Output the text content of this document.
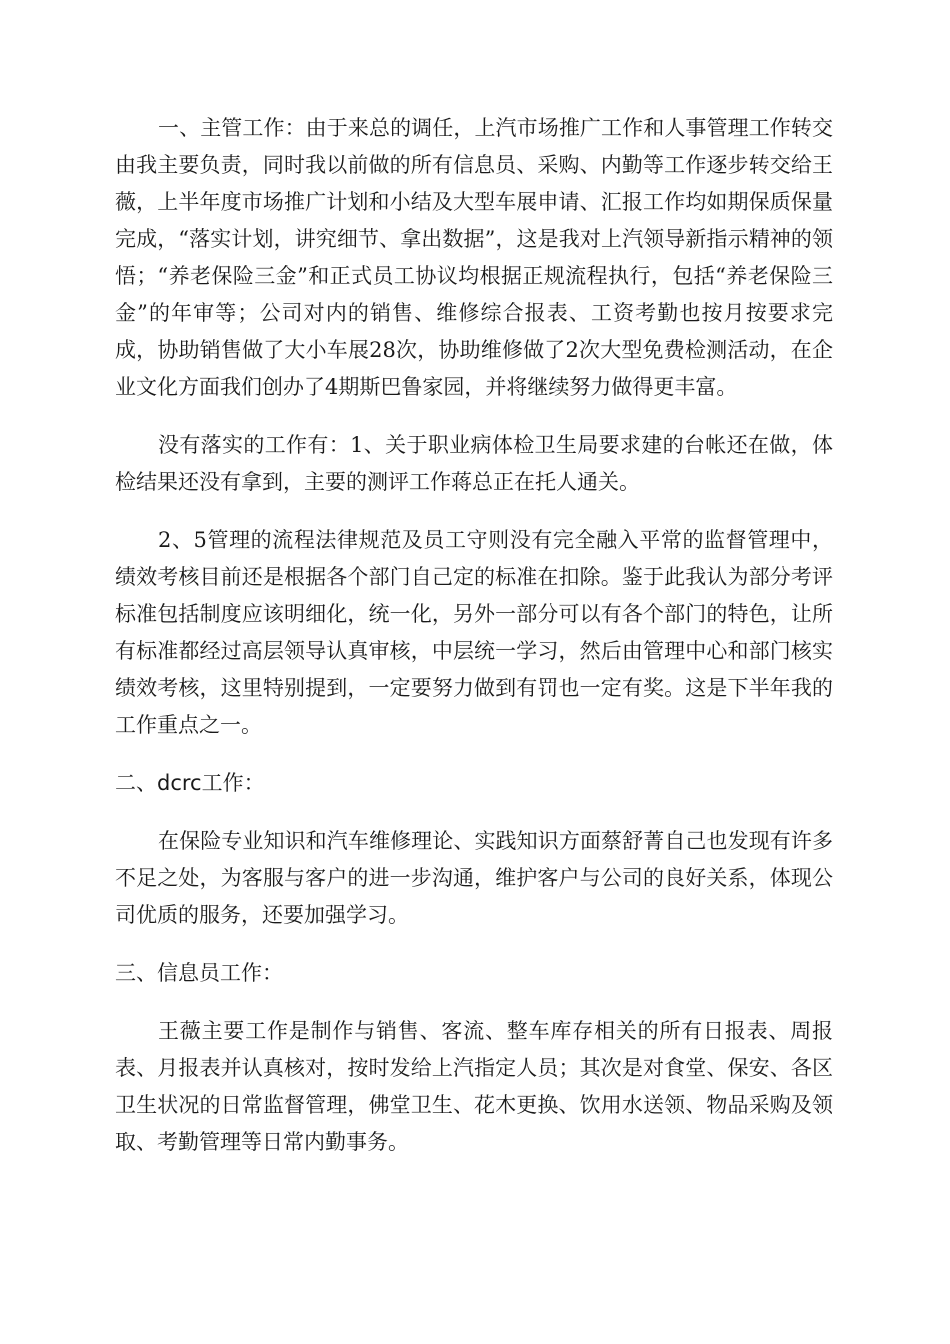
一、主管工作：由于来总的调任，上汽市场推广工作和人事管理工作转交由我主要负责，同时我以前做的所有信息员、采购、内勤等工作逐步转交给王薇，上半年度市场推广计划和小结及大型车展申请、汇报工作均如期保质保量完成，“落实计划，讲究细节、拿出数据”，这是我对上汽领导新指示精神的领悟；“养老保险三金”和正式员工协议均根据正规流程执行，包括“养老保险三金”的年审等；公司对内的销售、维修综合报表、工资考勤也按月按要求完成，协助销售做了大小车展28次，协助维修做了2次大型免费检测活动，在企业文化方面我们创办了4期斯巴鲁家园，并将继续努力做得更丰富。

没有落实的工作有：1、关于职业病体检卫生局要求建的台帐还在做，体检结果还没有拿到，主要的测评工作蒋总正在托人通关。

2、5管理的流程法律规范及员工守则没有完全融入平常的监督管理中，绩效考核目前还是根据各个部门自己定的标准在扣除。鉴于此我认为部分考评标准包括制度应该明细化，统一化，另外一部分可以有各个部门的特色，让所有标准都经过高层领导认真审核，中层统一学习，然后由管理中心和部门核实绩效考核，这里特别提到，一定要努力做到有罚也一定有奖。这是下半年我的工作重点之一。

二、dcrc工作：

在保险专业知识和汽车维修理论、实践知识方面蔡舒菁自己也发现有许多不足之处，为客服与客户的进一步沟通，维护客户与公司的良好关系，体现公司优质的服务，还要加强学习。

三、信息员工作：

王薇主要工作是制作与销售、客流、整车库存相关的所有日报表、周报表、月报表并认真核对，按时发给上汽指定人员；其次是对食堂、保安、各区卫生状况的日常监督管理，佛堂卫生、花木更换、饮用水送领、物品采购及领取、考勤管理等日常内勤事务。
